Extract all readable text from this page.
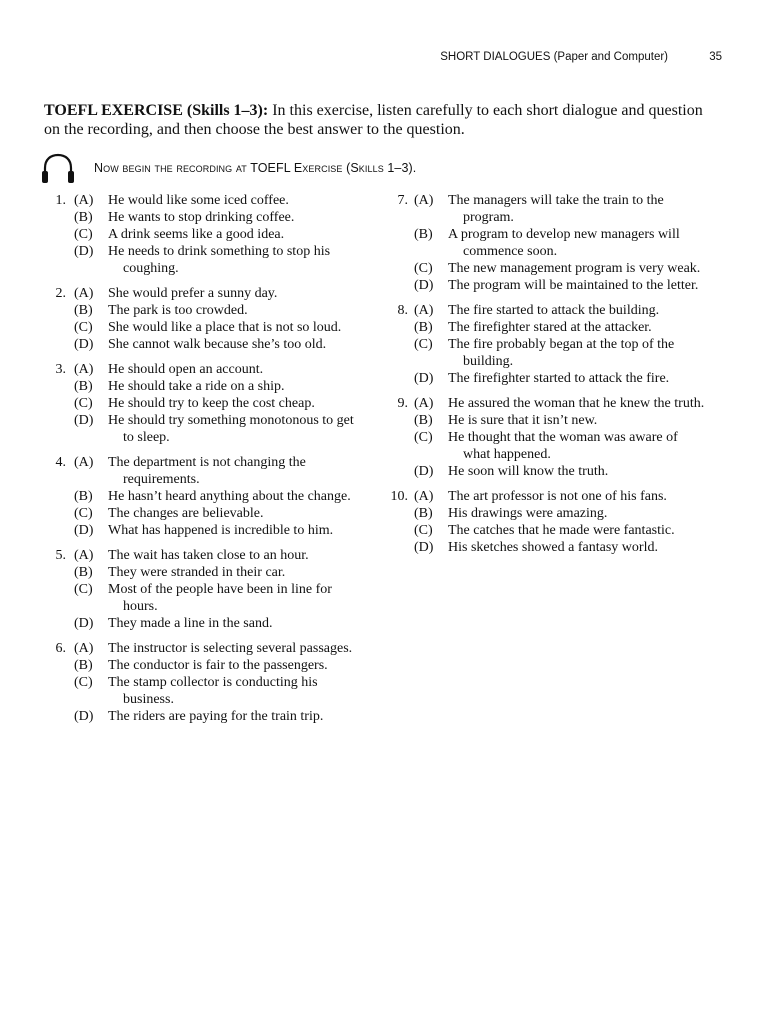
SHORT DIALOGUES (Paper and Computer)	35
TOEFL EXERCISE (Skills 1–3): In this exercise, listen carefully to each short dialogue and question on the recording, and then choose the best answer to the question.
Now begin the recording at TOEFL Exercise (Skills 1–3).
1. (A) He would like some iced coffee.
(B) He wants to stop drinking coffee.
(C) A drink seems like a good idea.
(D) He needs to drink something to stop his coughing.
2. (A) She would prefer a sunny day.
(B) The park is too crowded.
(C) She would like a place that is not so loud.
(D) She cannot walk because she’s too old.
3. (A) He should open an account.
(B) He should take a ride on a ship.
(C) He should try to keep the cost cheap.
(D) He should try something monotonous to get to sleep.
4. (A) The department is not changing the requirements.
(B) He hasn’t heard anything about the change.
(C) The changes are believable.
(D) What has happened is incredible to him.
5. (A) The wait has taken close to an hour.
(B) They were stranded in their car.
(C) Most of the people have been in line for hours.
(D) They made a line in the sand.
6. (A) The instructor is selecting several passages.
(B) The conductor is fair to the passengers.
(C) The stamp collector is conducting his business.
(D) The riders are paying for the train trip.
7. (A) The managers will take the train to the program.
(B) A program to develop new managers will commence soon.
(C) The new management program is very weak.
(D) The program will be maintained to the letter.
8. (A) The fire started to attack the building.
(B) The firefighter stared at the attacker.
(C) The fire probably began at the top of the building.
(D) The firefighter started to attack the fire.
9. (A) He assured the woman that he knew the truth.
(B) He is sure that it isn’t new.
(C) He thought that the woman was aware of what happened.
(D) He soon will know the truth.
10. (A) The art professor is not one of his fans.
(B) His drawings were amazing.
(C) The catches that he made were fantastic.
(D) His sketches showed a fantasy world.
